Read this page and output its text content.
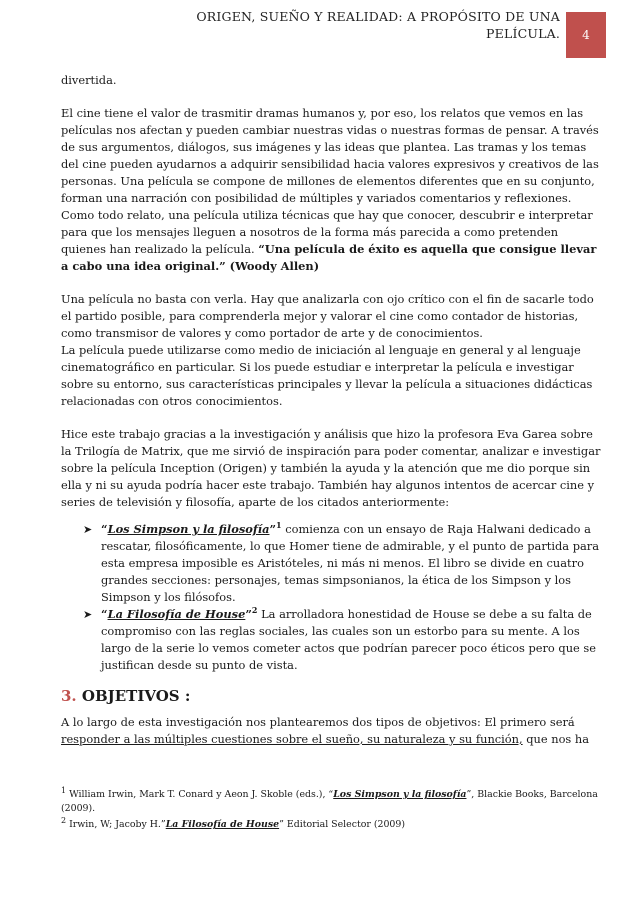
ORIGEN, SUEÑO Y REALIDAD: A PROPÓSITO DE UNA
PELÍCULA. 4

divertida.

El cine tiene el valor de trasmitir dramas humanos y, por eso, los relatos que vemos en las películas nos afectan y pueden cambiar nuestras vidas o nuestras formas de pensar. A través de sus argumentos, diálogos, sus imágenes y las ideas que plantea. Las tramas y los temas del cine pueden ayudarnos a adquirir sensibilidad hacia valores expresivos y creativos de las personas. Una película se compone de millones de elementos diferentes que en su conjunto, forman una narración con posibilidad de múltiples y variados comentarios y reflexiones. Como todo relato, una película utiliza técnicas que hay que conocer, descubrir e interpretar para que los mensajes lleguen a nosotros de la forma más parecida a como pretenden quienes han realizado la película. “Una película de éxito es aquella que consigue llevar a cabo una idea original.” (Woody Allen)

Una película no basta con verla. Hay que analizarla con ojo crítico con el fin de sacarle todo el partido posible, para comprenderla mejor y valorar el cine como contador de historias, como transmisor de valores y como portador de arte y de conocimientos.

La película puede utilizarse como medio de iniciación al lenguaje en general y al lenguaje cinematográfico en particular. Si los puede estudiar e interpretar la película e investigar sobre su entorno, sus características principales y llevar la película a situaciones didácticas relacionadas con otros conocimientos.

Hice este trabajo gracias a la investigación y análisis que hizo la profesora Eva Garea sobre la Trilogía de Matrix, que me sirvió de inspiración para poder comentar, analizar e investigar sobre la película Inception (Origen) y también la ayuda y la atención que me dio porque sin ella y ni su ayuda podría hacer este trabajo. También hay algunos intentos de acercar cine y series de televisión y filosofía, aparte de los citados anteriormente:

➤ “Los Simpson y la filosofía”$^1$ comienza con un ensayo de Raja Halwani dedicado a rescatar, filosóficamente, lo que Homer tiene de admirable, y el punto de partida para esta empresa imposible es Aristóteles, ni más ni menos. El libro se divide en cuatro grandes secciones: personajes, temas simpsonianos, la ética de los Simpson y los Simpson y los filósofos.
➤ “La Filosofía de House”$^2$ La arrolladora honestidad de House se debe a su falta de compromiso con las reglas sociales, las cuales son un estorbo para su mente. A los largo de la serie lo vemos cometer actos que podrían parecer poco éticos pero que se justifican desde su punto de vista.
3. OBJETIVOS :

A lo largo de esta investigación nos plantearemos dos tipos de objetivos: El primero será responder a las múltiples cuestiones sobre el sueño, su naturaleza y su función, que nos ha

$^1$ William Irwin, Mark T. Conard y Aeon J. Skoble (eds.), “Los Simpson y la filosofía”, Blackie Books, Barcelona (2009).

$^2$ Irwin, W; Jacoby H.”La Filosofía de House” Editorial Selector (2009)
